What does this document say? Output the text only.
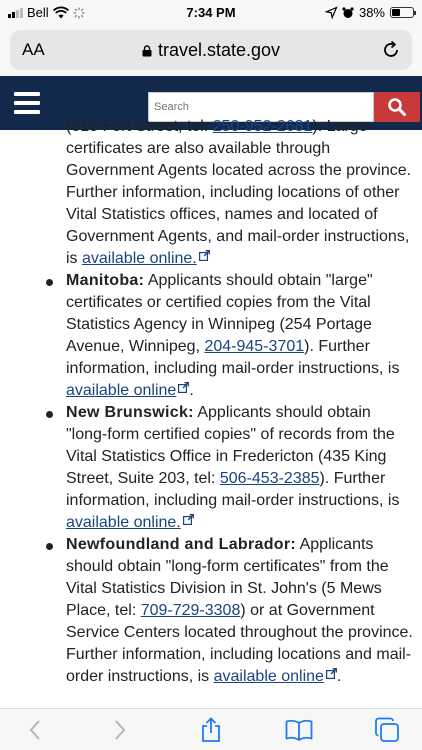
Bell	7:34 PM	38%
AA	travel.state.gov
Search

(818 Fort Street, tel: 250-952-2681). Large certificates are also available through Government Agents located across the province. Further information, including locations of other Vital Statistics offices, names and located of Government Agents, and mail-order instructions, is available online.

Manitoba: Applicants should obtain "large" certificates or certified copies from the Vital Statistics Agency in Winnipeg (254 Portage Avenue, Winnipeg, 204-945-3701). Further information, including mail-order instructions, is available online .

New Brunswick: Applicants should obtain "long-form certified copies" of records from the Vital Statistics Office in Fredericton (435 King Street, Suite 203, tel: 506-453-2385). Further information, including mail-order instructions, is available online.

Newfoundland and Labrador: Applicants should obtain "long-form certificates" from the Vital Statistics Division in St. John's (5 Mews Place, tel: 709-729-3308) or at Government Service Centers located throughout the province. Further information, including locations and mail-order instructions, is available online .
